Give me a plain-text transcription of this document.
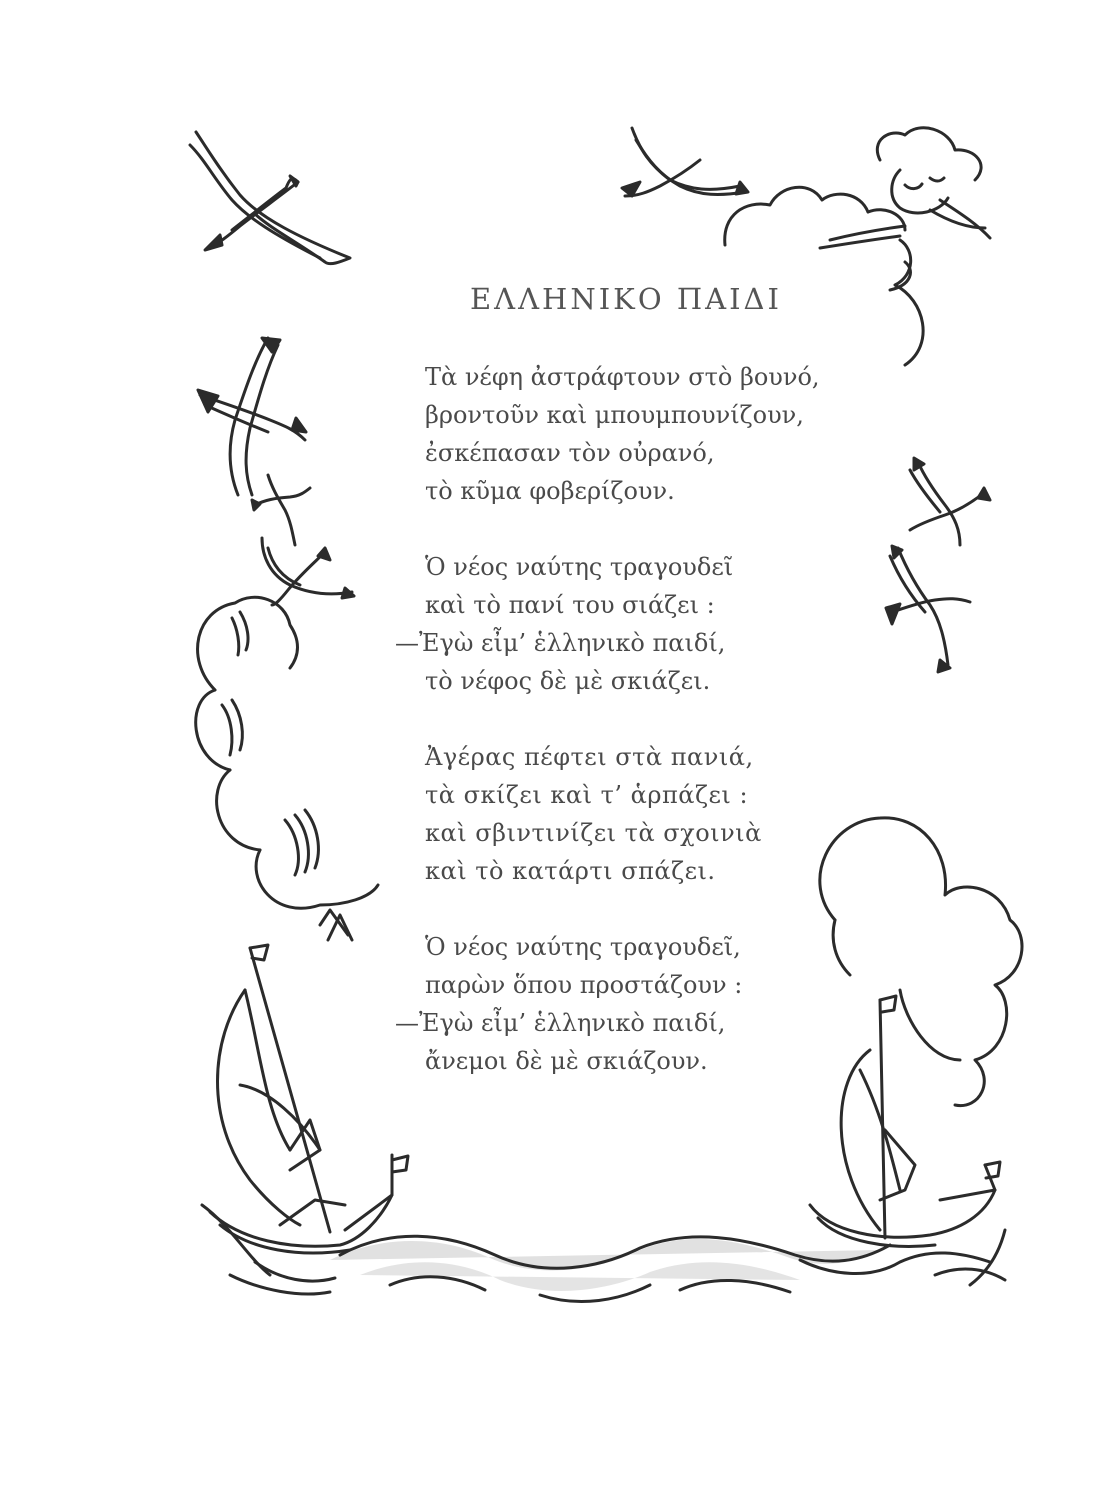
ΕΛΛΗΝΙΚΟ ΠΑΙΔΙ
Τὰ νέφη ἀστράφτουν στὸ βουνό,
βροντοῦν καὶ μπουμπουνίζουν,
ἐσκέπασαν τὸν οὐρανό,
τὸ κῦμα φοβερίζουν.
Ὁ νέος ναύτης τραγουδεῖ
καὶ τὸ πανί του σιάζει :
—Ἐγὼ εἶμ’ ἑλληνικὸ παιδί,
τὸ νέφος δὲ μὲ σκιάζει.
Ἀγέρας πέφτει στὰ πανιά,
τὰ σκίζει καὶ τ’ ἁρπάζει :
καὶ σβιντινίζει τὰ σχοινιὰ
καὶ τὸ κατάρτι σπάζει.
Ὁ νέος ναύτης τραγουδεῖ,
παρὼν ὅπου προστάζουν :
—Ἐγὼ εἶμ’ ἑλληνικὸ παιδί,
ἄνεμοι δὲ μὲ σκιάζουν.
